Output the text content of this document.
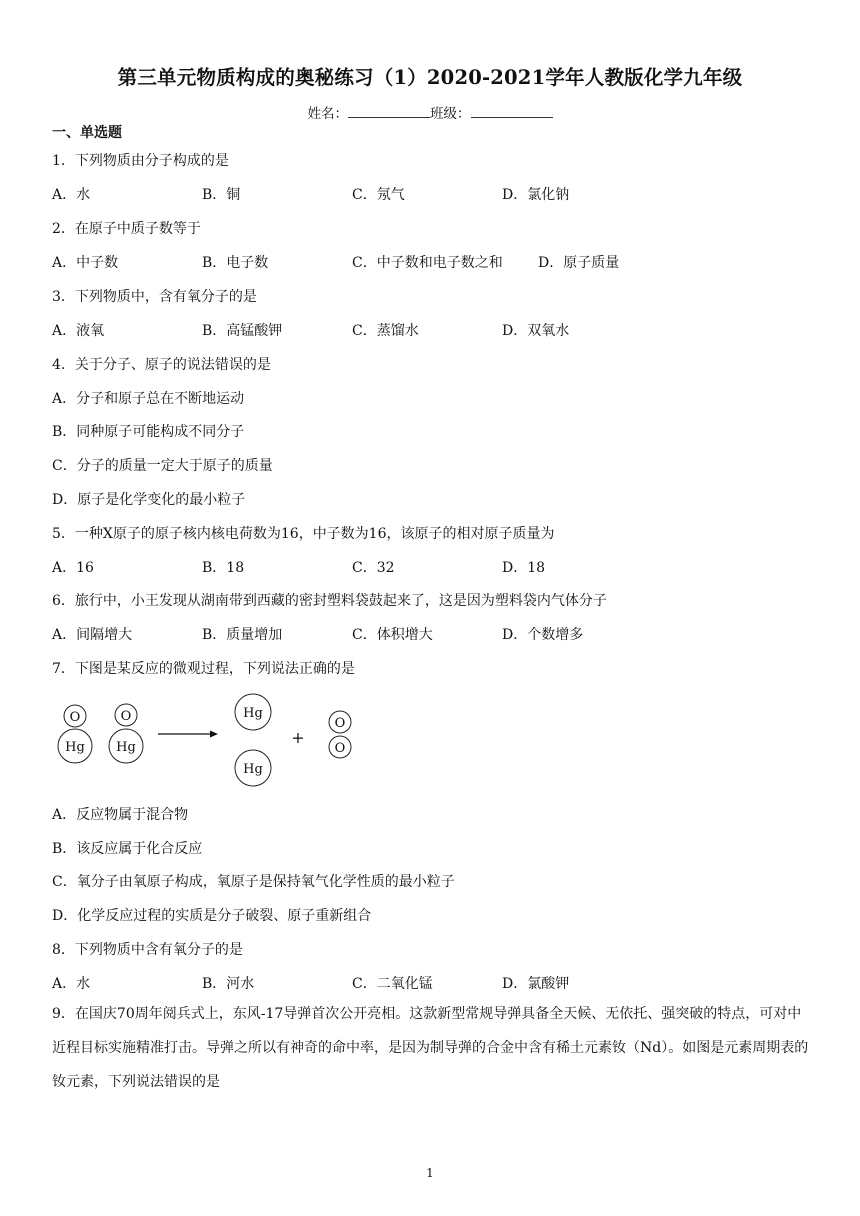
第三单元物质构成的奥秘练习（1）2020-2021学年人教版化学九年级
姓名：	班级：
一、单选题
1．下列物质由分子构成的是
A．水	B．铜	C．氖气	D．氯化钠
2．在原子中质子数等于
A．中子数	B．电子数	C．中子数和电子数之和	D．原子质量
3．下列物质中，含有氧分子的是
A．液氧	B．高锰酸钾	C．蒸馏水	D．双氧水
4．关于分子、原子的说法错误的是
A．分子和原子总在不断地运动
B．同种原子可能构成不同分子
C．分子的质量一定大于原子的质量
D．原子是化学变化的最小粒子
5．一种X原子的原子核内核电荷数为16，中子数为16，该原子的相对原子质量为
A．16	B．18	C．32	D．18
6．旅行中，小王发现从湖南带到西藏的密封塑料袋鼓起来了，这是因为塑料袋内气体分子
A．间隔增大	B．质量增加	C．体积增大	D．个数增多
7．下图是某反应的微观过程，下列说法正确的是
O
Hg
O
Hg
Hg
Hg
O
O
+
A．反应物属于混合物
B．该反应属于化合反应
C．氧分子由氧原子构成，氧原子是保持氧气化学性质的最小粒子
D．化学反应过程的实质是分子破裂、原子重新组合
8．下列物质中含有氧分子的是
A．水	B．河水	C．二氧化锰	D．氯酸钾
9．在国庆70周年阅兵式上，东风-17导弹首次公开亮相。这款新型常规导弹具备全天候、无依托、强突破的特点，可对中近程目标实施精准打击。导弹之所以有神奇的命中率，是因为制导弹的合金中含有稀土元素钕（Nd）。如图是元素周期表的钕元素，下列说法错误的是
1
